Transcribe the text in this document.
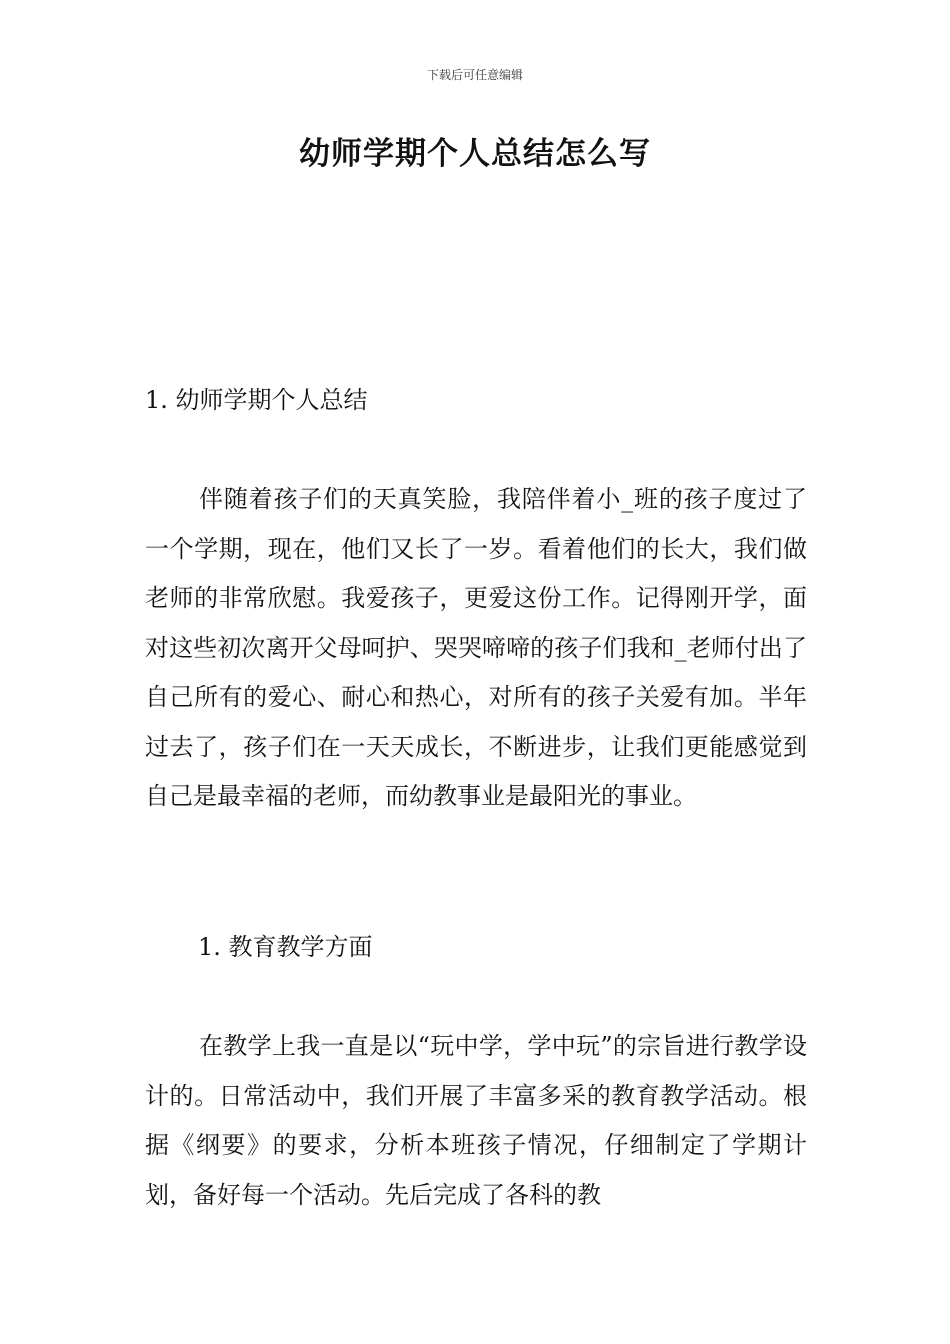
下载后可任意编辑
幼师学期个人总结怎么写

1. 幼师学期个人总结

伴随着孩子们的天真笑脸，我陪伴着小_班的孩子度过了一个学期，现在，他们又长了一岁。看着他们的长大，我们做老师的非常欣慰。我爱孩子，更爱这份工作。记得刚开学，面对这些初次离开父母呵护、哭哭啼啼的孩子们我和_老师付出了自己所有的爱心、耐心和热心，对所有的孩子关爱有加。半年过去了，孩子们在一天天成长，不断进步，让我们更能感觉到自己是最幸福的老师，而幼教事业是最阳光的事业。

1. 教育教学方面

在教学上我一直是以“玩中学，学中玩”的宗旨进行教学设计的。日常活动中，我们开展了丰富多采的教育教学活动。根据《纲要》的要求，分析本班孩子情况，仔细制定了学期计划，备好每一个活动。先后完成了各科的教
